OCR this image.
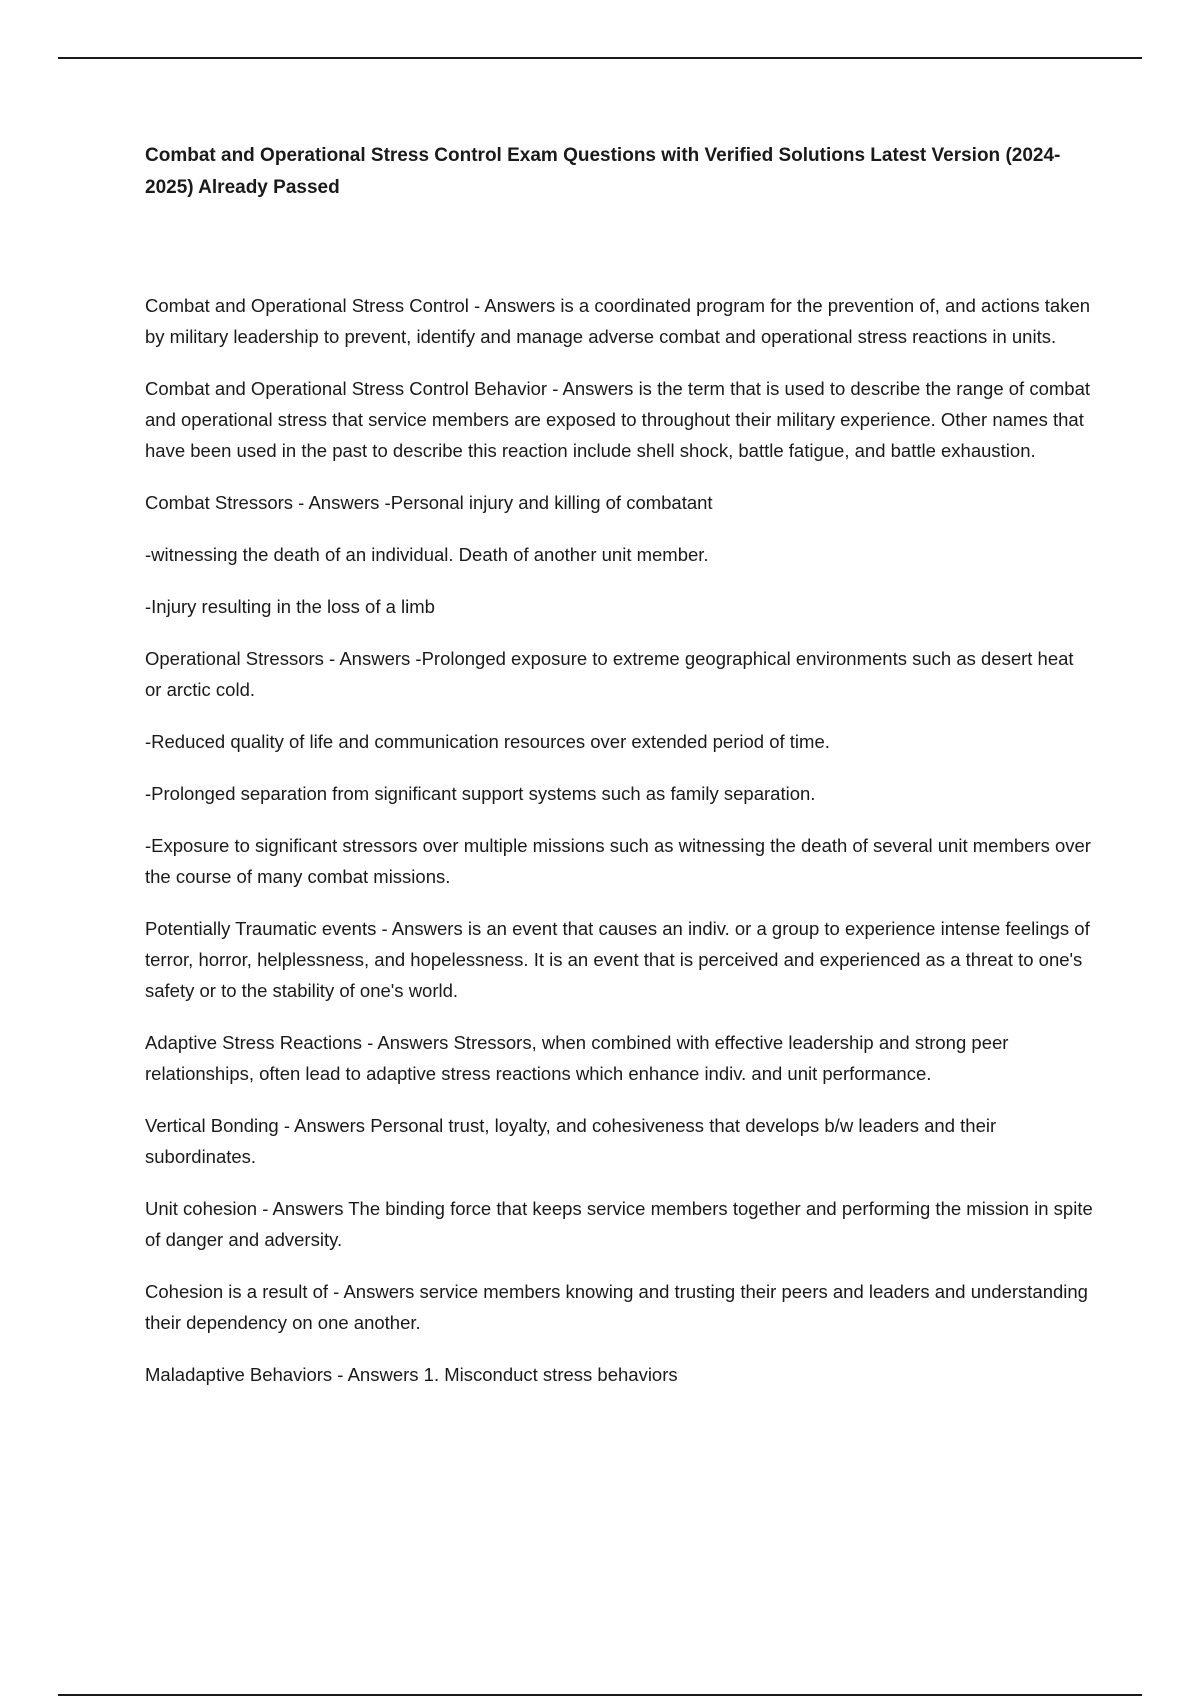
Combat and Operational Stress Control Exam Questions with Verified Solutions Latest Version (2024-2025) Already Passed

Combat and Operational Stress Control - Answers is a coordinated program for the prevention of, and actions taken by military leadership to prevent, identify and manage adverse combat and operational stress reactions in units.

Combat and Operational Stress Control Behavior - Answers is the term that is used to describe the range of combat and operational stress that service members are exposed to throughout their military experience. Other names that have been used in the past to describe this reaction include shell shock, battle fatigue, and battle exhaustion.

Combat Stressors - Answers -Personal injury and killing of combatant

-witnessing the death of an individual. Death of another unit member.

-Injury resulting in the loss of a limb

Operational Stressors - Answers -Prolonged exposure to extreme geographical environments such as desert heat or arctic cold.

-Reduced quality of life and communication resources over extended period of time.

-Prolonged separation from significant support systems such as family separation.

-Exposure to significant stressors over multiple missions such as witnessing the death of several unit members over the course of many combat missions.

Potentially Traumatic events - Answers is an event that causes an indiv. or a group to experience intense feelings of terror, horror, helplessness, and hopelessness. It is an event that is perceived and experienced as a threat to one's safety or to the stability of one's world.

Adaptive Stress Reactions - Answers Stressors, when combined with effective leadership and strong peer relationships, often lead to adaptive stress reactions which enhance indiv. and unit performance.

Vertical Bonding - Answers Personal trust, loyalty, and cohesiveness that develops b/w leaders and their subordinates.

Unit cohesion - Answers The binding force that keeps service members together and performing the mission in spite of danger and adversity.

Cohesion is a result of - Answers service members knowing and trusting their peers and leaders and understanding their dependency on one another.

Maladaptive Behaviors - Answers 1. Misconduct stress behaviors
